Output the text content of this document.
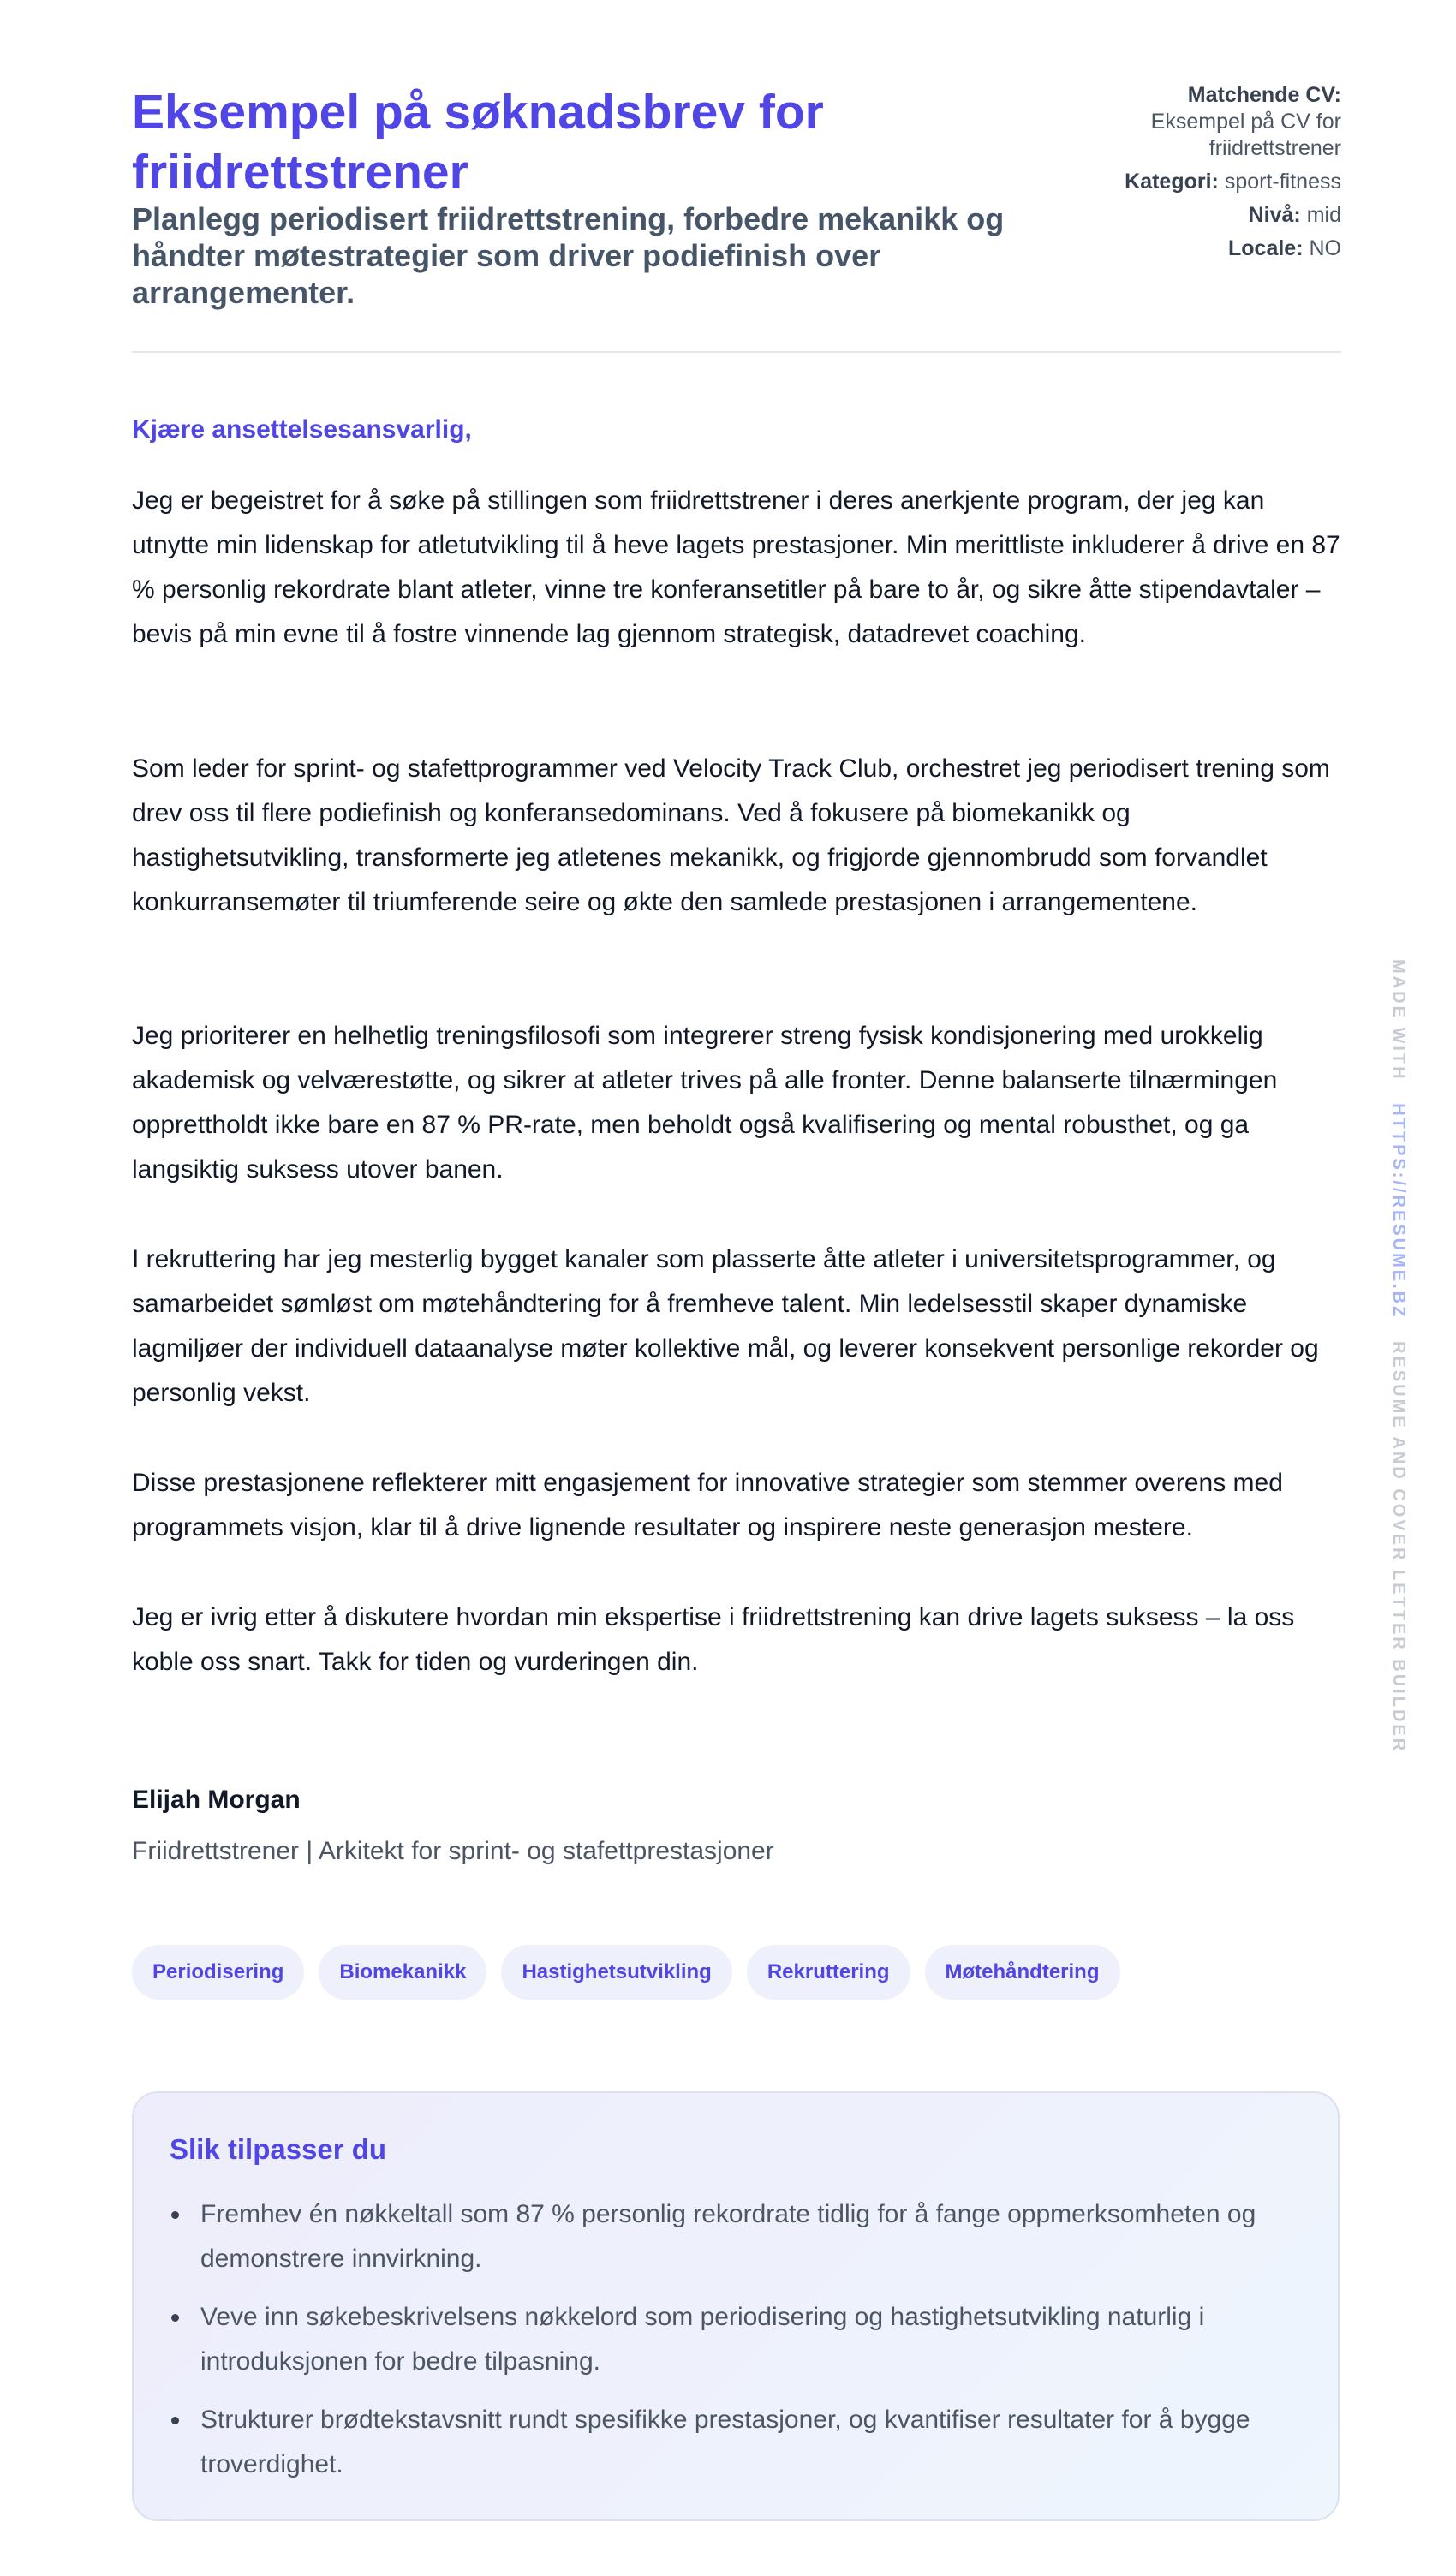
Eksempel på søknadsbrev for friidrettstrener
Planlegg periodisert friidrettstrening, forbedre mekanikk og håndter møtestrategier som driver podiefinish over arrangementer.
Matchende CV:
Eksempel på CV for friidrettstrener
Kategori: sport-fitness
Nivå: mid
Locale: NO

Kjære ansettelsesansvarlig,

Jeg er begeistret for å søke på stillingen som friidrettstrener i deres anerkjente program, der jeg kan utnytte min lidenskap for atletutvikling til å heve lagets prestasjoner. Min merittliste inkluderer å drive en 87 % personlig rekordrate blant atleter, vinne tre konferansetitler på bare to år, og sikre åtte stipendavtaler – bevis på min evne til å fostre vinnende lag gjennom strategisk, datadrevet coaching.

Som leder for sprint- og stafettprogrammer ved Velocity Track Club, orchestret jeg periodisert trening som drev oss til flere podiefinish og konferansedominans. Ved å fokusere på biomekanikk og hastighetsutvikling, transformerte jeg atletenes mekanikk, og frigjorde gjennombrudd som forvandlet konkurransemøter til triumferende seire og økte den samlede prestasjonen i arrangementene.

Jeg prioriterer en helhetlig treningsfilosofi som integrerer streng fysisk kondisjonering med urokkelig akademisk og velværestøtte, og sikrer at atleter trives på alle fronter. Denne balanserte tilnærmingen opprettholdt ikke bare en 87 % PR-rate, men beholdt også kvalifisering og mental robusthet, og ga langsiktig suksess utover banen.

I rekruttering har jeg mesterlig bygget kanaler som plasserte åtte atleter i universitetsprogrammer, og samarbeidet sømløst om møtehåndtering for å fremheve talent. Min ledelsesstil skaper dynamiske lagmiljøer der individuell dataanalyse møter kollektive mål, og leverer konsekvent personlige rekorder og personlig vekst.

Disse prestasjonene reflekterer mitt engasjement for innovative strategier som stemmer overens med programmets visjon, klar til å drive lignende resultater og inspirere neste generasjon mestere.

Jeg er ivrig etter å diskutere hvordan min ekspertise i friidrettstrening kan drive lagets suksess – la oss koble oss snart. Takk for tiden og vurderingen din.

Elijah Morgan

Friidrettstrener | Arkitekt for sprint- og stafettprestasjoner

Periodisering	Biomekanikk	Hastighetsutvikling	Rekruttering	Møtehåndtering
Slik tilpasser du
Fremhev én nøkkeltall som 87 % personlig rekordrate tidlig for å fange oppmerksomheten og demonstrere innvirkning.
Veve inn søkebeskrivelsens nøkkelord som periodisering og hastighetsutvikling naturlig i introduksjonen for bedre tilpasning.
Strukturer brødtekstavsnitt rundt spesifikke prestasjoner, og kvantifiser resultater for å bygge troverdighet.
MADE WITH   HTTPS://RESUME.BZ   RESUME AND COVER LETTER BUILDER
